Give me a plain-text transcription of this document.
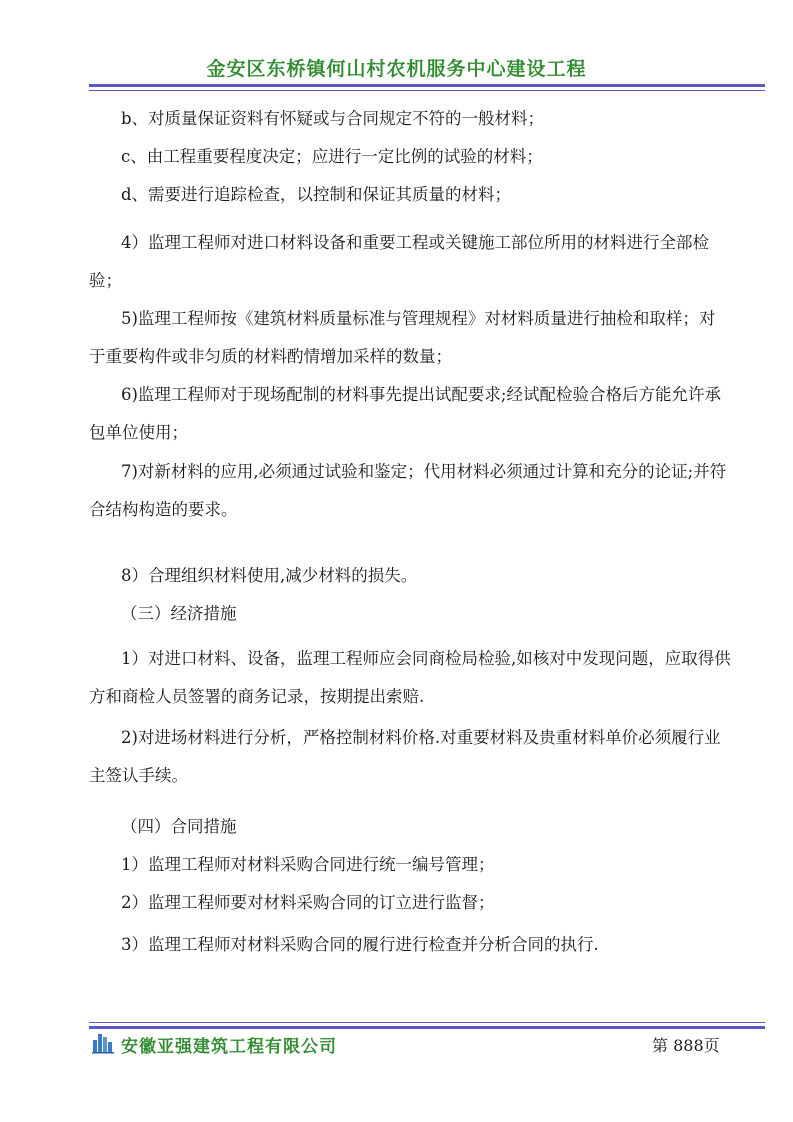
金安区东桥镇何山村农机服务中心建设工程

b、对质量保证资料有怀疑或与合同规定不符的一般材料；

c、由工程重要程度决定；应进行一定比例的试验的材料；

d、需要进行追踪检查，以控制和保证其质量的材料；

4）监理工程师对进口材料设备和重要工程或关键施工部位所用的材料进行全部检验；

5)监理工程师按《建筑材料质量标准与管理规程》对材料质量进行抽检和取样；对于重要构件或非匀质的材料酌情增加采样的数量；

6)监理工程师对于现场配制的材料事先提出试配要求;经试配检验合格后方能允许承包单位使用；

7)对新材料的应用,必须通过试验和鉴定；代用材料必须通过计算和充分的论证;并符合结构构造的要求。

8）合理组织材料使用,减少材料的损失。

（三）经济措施

1）对进口材料、设备，监理工程师应会同商检局检验,如核对中发现问题，应取得供方和商检人员签署的商务记录，按期提出索赔.

2)对进场材料进行分析，严格控制材料价格.对重要材料及贵重材料单价必须履行业主签认手续。

（四）合同措施

1）监理工程师对材料采购合同进行统一编号管理；

2）监理工程师要对材料采购合同的订立进行监督；

3）监理工程师对材料采购合同的履行进行检查并分析合同的执行.

安徽亚强建筑工程有限公司	第 888页
